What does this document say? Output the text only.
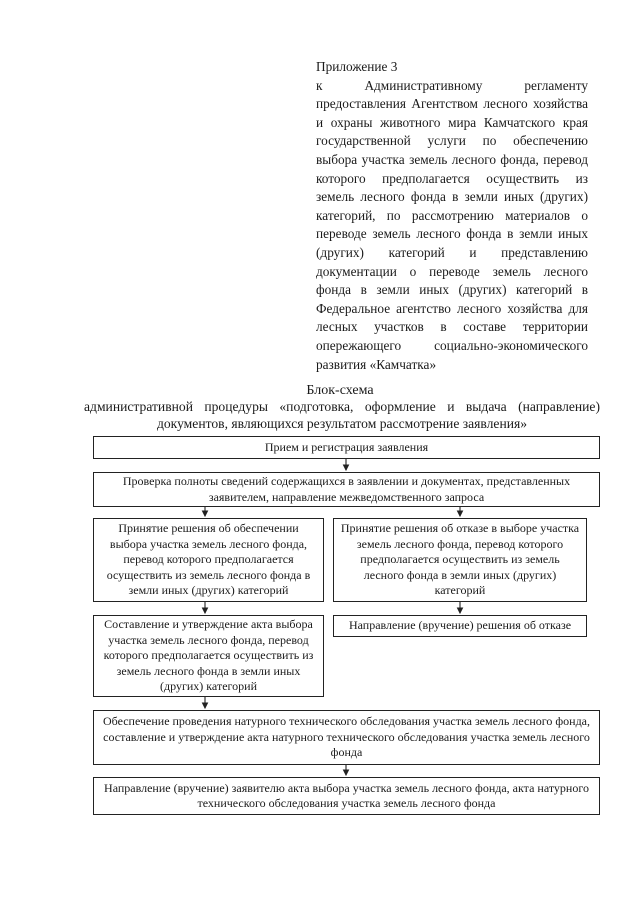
Приложение 3

к Административному регламенту предоставления Агентством лесного хозяйства и охраны животного мира Камчатского края государственной услуги по обеспечению выбора участка земель лесного фонда, перевод которого предполагается осуществить из земель лесного фонда в земли иных (других) категорий, по рассмотрению материалов о переводе земель лесного фонда в земли иных (других) категорий и представлению документации о переводе земель лесного фонда в земли иных (других) категорий в Федеральное агентство лесного хозяйства для лесных участков в составе территории опережающего социально-экономического развития «Камчатка»

Блок-схема
административной процедуры «подготовка, оформление и выдача (направление) документов, являющихся результатом рассмотрение заявления»
Прием и регистрация заявления
Проверка полноты сведений содержащихся в заявлении и документах, представленных заявителем, направление межведомственного запроса
Принятие решения об обеспечении выбора участка земель лесного фонда, перевод которого предполагается осуществить из земель лесного фонда в земли иных (других) категорий
Принятие решения об отказе в выборе участка земель лесного фонда, перевод которого предполагается осуществить из земель лесного фонда в земли иных (других) категорий
Составление и утверждение акта выбора участка земель лесного фонда, перевод которого предполагается осуществить из земель лесного фонда в земли иных (других) категорий
Направление (вручение) решения об отказе
Обеспечение проведения натурного технического обследования участка земель лесного фонда, составление и утверждение акта натурного технического обследования участка земель лесного фонда
Направление (вручение) заявителю акта выбора участка земель лесного фонда, акта натурного технического обследования участка земель лесного фонда
